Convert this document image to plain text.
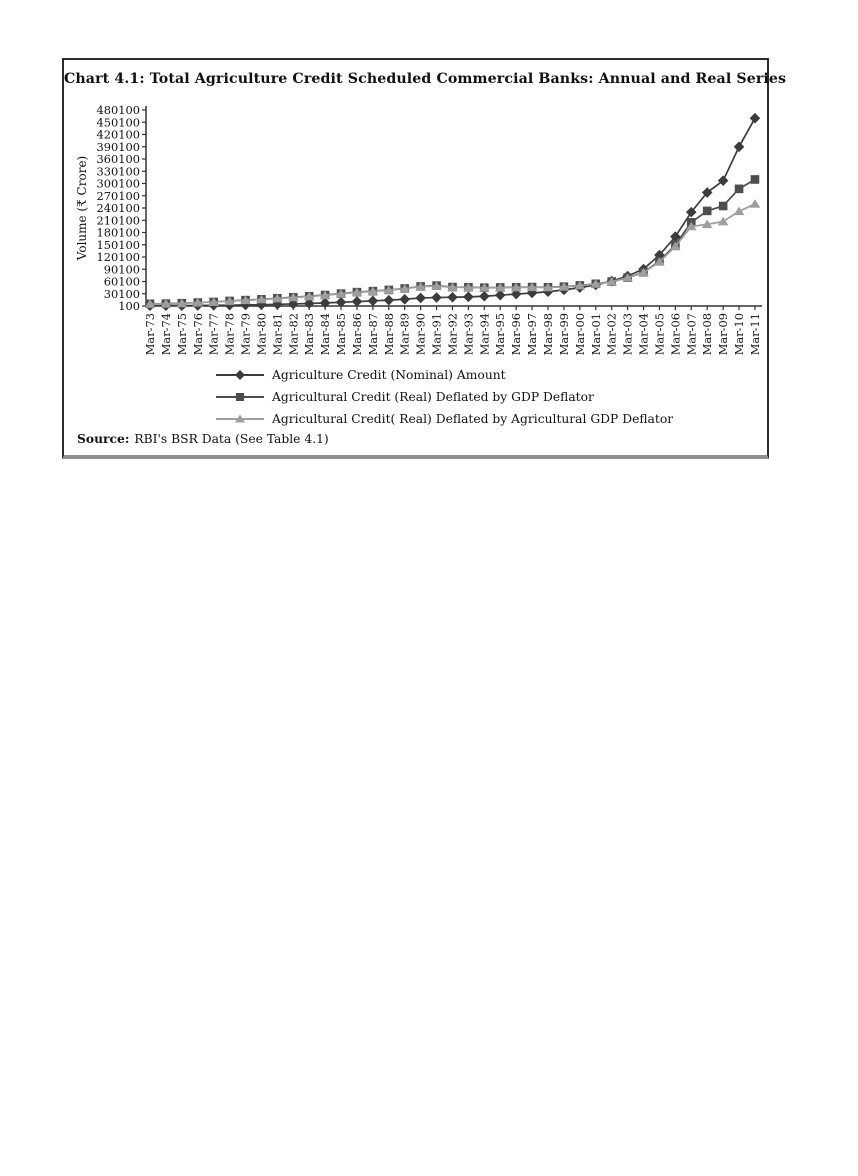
Chart 4.1: Total Agriculture Credit Scheduled Commercial Banks: Annual and Real Series
100
30100
60100
90100
120100
150100
180100
210100
240100
270100
300100
330100
360100
390100
420100
450100
480100
Mar-73 Mar-74 Mar-75 Mar-76 Mar-77 Mar-78 Mar-79 Mar-80 Mar-81 Mar-82 Mar-83 Mar-84 Mar-85 Mar-86 Mar-87 Mar-88 Mar-89 Mar-90 Mar-91 Mar-92 Mar-93 Mar-94 Mar-95 Mar-96 Mar-97 Mar-98 Mar-99 Mar-00 Mar-01 Mar-02 Mar-03 Mar-04 Mar-05 Mar-06 Mar-07 Mar-08 Mar-09 Mar-10 Mar-11
Volume (₹ Crore)
Agriculture Credit (Nominal) Amount
Agricultural Credit (Real) Deflated by GDP Deflator
Agricultural Credit( Real) Deflated by Agricultural GDP Deflator
Source: RBI's BSR Data (See Table 4.1)
